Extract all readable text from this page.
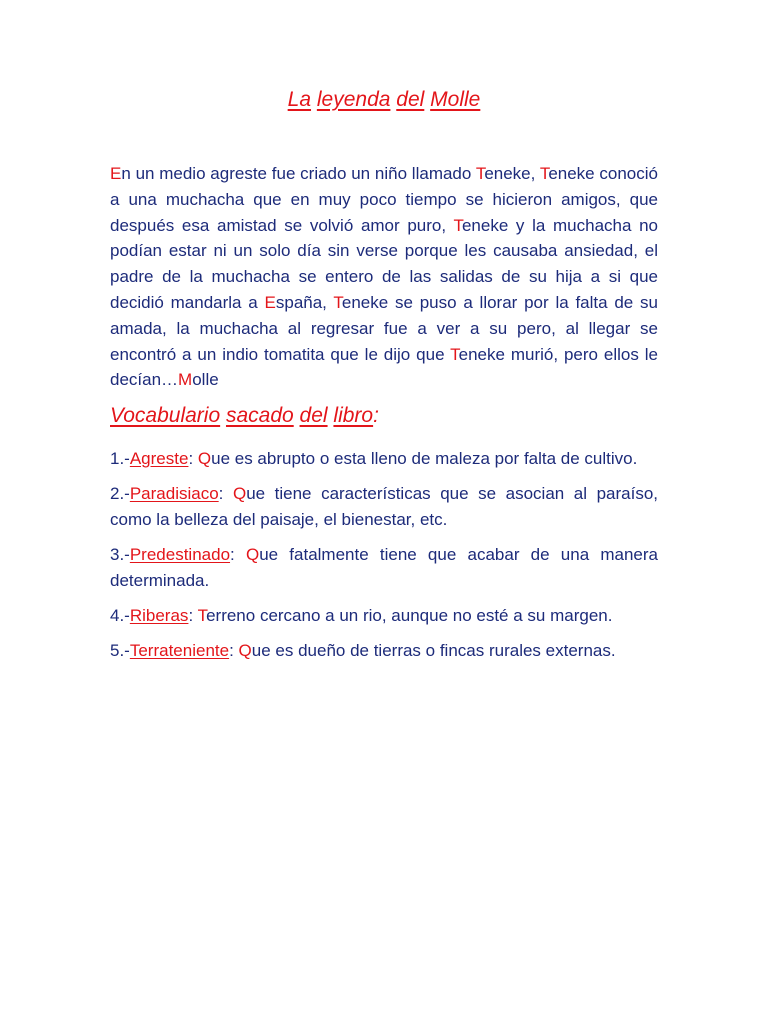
La leyenda del Molle

En un medio agreste fue criado un niño llamado Teneke, Teneke conoció a una muchacha que en muy poco tiempo se hicieron amigos, que después esa amistad se volvió amor puro, Teneke y la muchacha no podían estar ni un solo día sin verse porque les causaba ansiedad, el padre de la muchacha se entero de las salidas de su hija a si que decidió mandarla a España, Teneke se puso a llorar por la falta de su amada, la muchacha al regresar fue a ver a su pero, al llegar se encontró a un indio tomatita que le dijo que Teneke murió, pero ellos le decían…Molle

Vocabulario sacado del libro:
1.-Agreste: Que es abrupto o esta lleno de maleza por falta de cultivo.
2.-Paradisiaco: Que tiene características que se asocian al paraíso, como la belleza del paisaje, el bienestar, etc.
3.-Predestinado: Que fatalmente tiene que acabar de una manera determinada.
4.-Riberas: Terreno cercano a un rio, aunque no esté a su margen.
5.-Terrateniente: Que es dueño de tierras o fincas rurales externas.
